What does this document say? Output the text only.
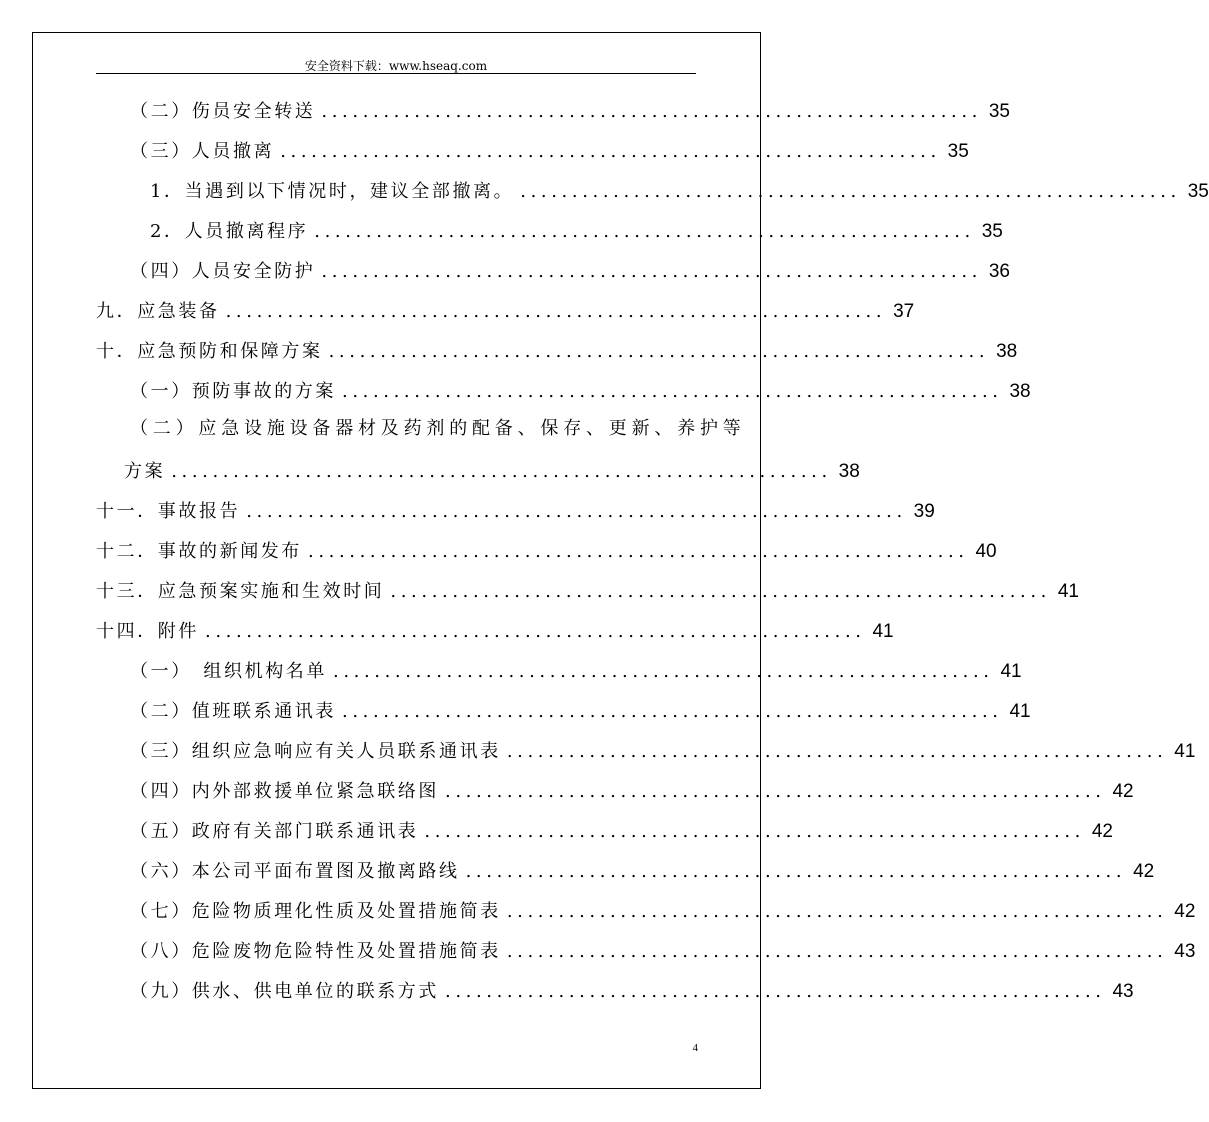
安全资料下载：www.hseaq.com
（二）伤员安全转送 ................................................................ 35
（三）人员撤离 ................................................................ 35
1．当遇到以下情况时，建议全部撤离。 ................................................................ 35
2．人员撤离程序 ................................................................ 35
（四）人员安全防护 ................................................................ 36
九．应急装备 ................................................................ 37
十．应急预防和保障方案 ................................................................ 38
（一）预防事故的方案 ................................................................ 38
（二）应急设施设备器材及药剂的配备、保存、更新、养护等
方案 ................................................................ 38
十一．事故报告 ................................................................ 39
十二．事故的新闻发布 ................................................................ 40
十三．应急预案实施和生效时间 ................................................................ 41
十四．附件 ................................................................ 41
（一）　组织机构名单 ................................................................ 41
（二）值班联系通讯表 ................................................................ 41
（三）组织应急响应有关人员联系通讯表 ................................................................ 41
（四）内外部救援单位紧急联络图 ................................................................ 42
（五）政府有关部门联系通讯表 ................................................................ 42
（六）本公司平面布置图及撤离路线 ................................................................ 42
（七）危险物质理化性质及处置措施简表 ................................................................ 42
（八）危险废物危险特性及处置措施简表 ................................................................ 43
（九）供水、供电单位的联系方式 ................................................................ 43
4
